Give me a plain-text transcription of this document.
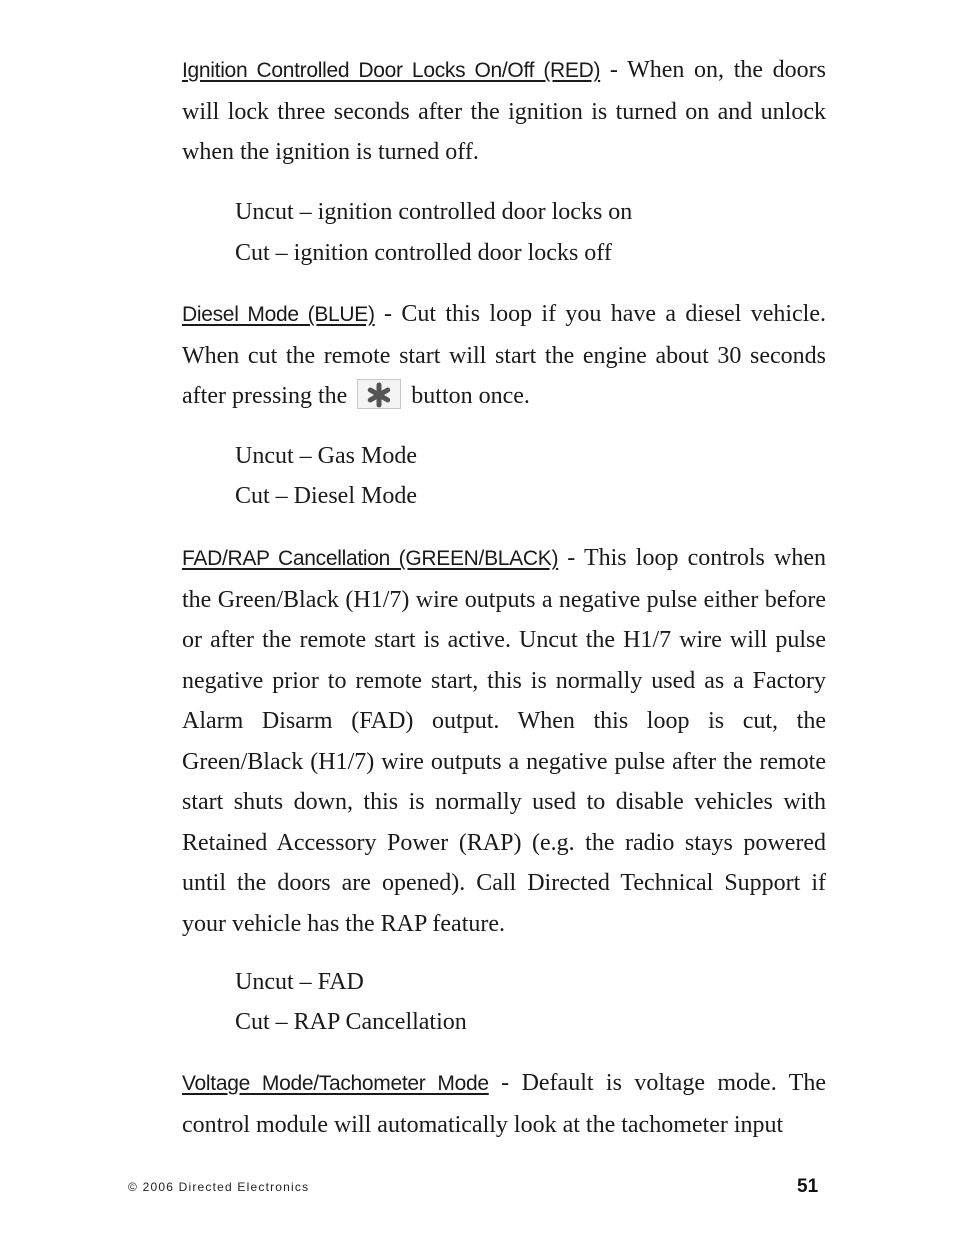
Ignition Controlled Door Locks On/Off (RED) - When on, the doors will lock three seconds after the ignition is turned on and unlock when the ignition is turned off.

Uncut – ignition controlled door locks on

Cut – ignition controlled door locks off

Diesel Mode (BLUE) - Cut this loop if you have a diesel vehicle. When cut the remote start will start the engine about 30 seconds after pressing the
button once.

Uncut – Gas Mode

Cut – Diesel Mode

FAD/RAP Cancellation (GREEN/BLACK) - This loop controls when the Green/Black (H1/7) wire outputs a negative pulse either before or after the remote start is active. Uncut the H1/7 wire will pulse negative prior to remote start, this is normally used as a Factory Alarm Disarm (FAD) output. When this loop is cut, the Green/Black (H1/7) wire outputs a negative pulse after the remote start shuts down, this is normally used to disable vehicles with Retained Accessory Power (RAP) (e.g. the radio stays powered until the doors are opened). Call Directed Technical Support if your vehicle has the RAP feature.

Uncut – FAD

Cut – RAP Cancellation

Voltage Mode/Tachometer Mode - Default is voltage mode. The control module will automatically look at the tachometer input

© 2006 Directed Electronics	51
